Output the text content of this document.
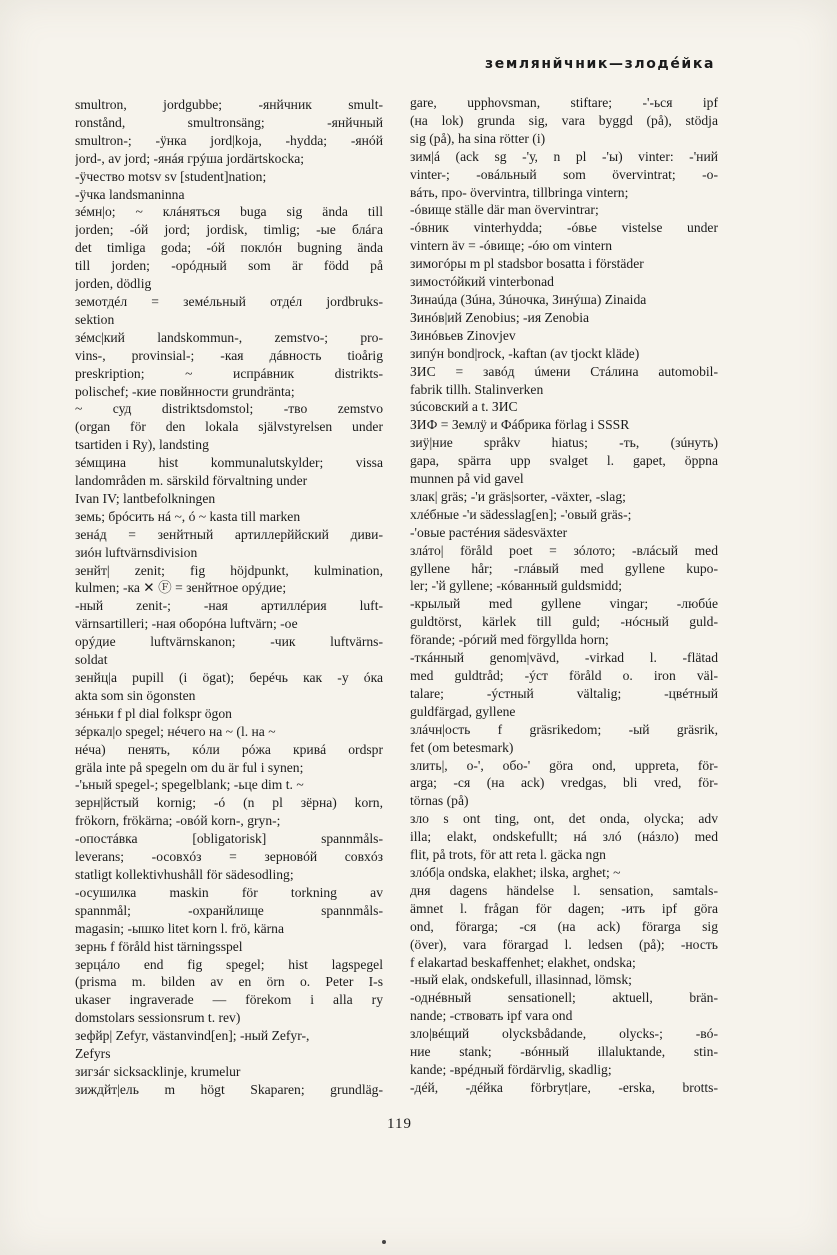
землянйчник—злодéйка
smultron, jordgubbe; -янйчник smult-
ronstånd, smultronsäng; -янйчный
smultron-; -ÿнка jord|koja, -hydda; -янóй
jord-, av jord; -янáя грýша jordärtskocka;
-ÿчество motsv sv [student]nation;
-ÿчка landsmaninna
зéмн|о; ~ клáняться buga sig ända till
jorden; -óй jord; jordisk, timlig; -ые блáга
det timliga goda; -óй поклóн bugning ända
till jorden; -орóдный som är född på
jorden, dödlig
земотдéл = земéльный отдéл jordbruks-
sektion
зéмс|кий landskommun-, zemstvo-; pro-
vins-, provinsial-; -кая дáвность tioårig
preskription; ~ испрáвник distrikts-
polischef; -кие повйнности grundränta;
~ суд distriktsdomstol; -тво zemstvo
(organ för den lokala självstyrelsen under
tsartiden i Ry), landsting
зéмщина hist kommunalutskylder; vissa
landområden m. särskild förvaltning under
Ivan IV; lantbefolkningen
земь; брóсить нá ~, ó ~ kasta till marken
зенáд = зенйтный артиллерййский диви-
зиóн luftvärnsdivision
зенйт| zenit; fig höjdpunkt, kulmination,
kulmen; -ка ✕ Ⓕ = зенйтное орýдие;
-ный zenit-; -ная артиллéрия luft-
värnsartilleri; -ная оборóна luftvärn; -ое
орýдие luftvärnskanon; -чик luftvärns-
soldat
зенйц|а pupill (i ögat); берéчь как -у óка
akta som sin ögonsten
зéньки f pl dial folkspr ögon
зéркал|о spegel; нéчего на ~ (l. на ~
нéча) пенять, кóли рóжа кривá ordspr
gräla inte på spegeln om du är ful i synen;
-'ьный spegel-; spegelblank; -ьце dim t. ~
зерн|йстый kornig; -ó (n pl зёрна) korn,
frökorn, frökärna; -овóй korn-, gryn-;
-опостáвка [obligatorisk] spannmåls-
leverans; -осовхóз = зерновóй совхóз
statligt kollektivhushåll för sädesodling;
-осушилка maskin för torkning av
spannmål; -охранйлище spannmåls-
magasin; -ышко litet korn l. frö, kärna
зернь f föråld hist tärningsspel
зерцáло end fig spegel; hist lagspegel
(prisma m. bilden av en örn o. Peter I-s
ukaser ingraverade — förekom i alla ry
domstolars sessionsrum t. rev)
зефйр| Zefyr, västanvind[en]; -ный Zefyr-,
Zefyrs
зигзáг sicksacklinje, krumelur
зиждйт|ель m högt Skaparen; grundläg-
gare, upphovsman, stiftare; -'-ься ipf
(на lok) grunda sig, vara byggd (på), stödja
sig (på), ha sina rötter (i)
зим|á (ack sg -'у, n pl -'ы) vinter: -'ний
vinter-; -овáльный som övervintrat; -о-
вáть, про- övervintra, tillbringa vintern;
-óвище ställe där man övervintrar;
-óвник vinterhydda; -óвье vistelse under
vintern äv = -óвище; -óю om vintern
зимогóры m pl stadsbor bosatta i förstäder
зимостóйкий vinterbonad
Зинаúда (Зúна, Зúночка, Зинýша) Zinaida
Зинóв|ий Zenobius; -ия Zenobia
Зинóвьев Zinovjev
зипýн bond|rock, -kaftan (av tjockt kläde)
ЗИС = завóд úмени Стáлина automobil-
fabrik tillh. Stalinverken
зúсовский a t. ЗИС
ЗИФ = Землÿ и Фáбрика förlag i SSSR
зиÿ|ние språkv hiatus; -ть, (зúнуть)
gapa, spärra upp svalget l. gapet, öppna
munnen på vid gavel
злак| gräs; -'и gräs|sorter, -växter, -slag;
хлéбные -'и sädesslag[en]; -'овый gräs-;
-'овые растéния sädesväxter
злáто| föråld poet = зóлото; -влáсый med
gyllene hår; -глáвый med gyllene kupo-
ler; -'й gyllene; -кóванный guldsmidd;
-крылый med gyllene vingar; -любúе
guldtörst, kärlek till guld; -нóсный guld-
förande; -рóгий med förgyllda horn;
-ткáнный genom|vävd, -virkad l. -flätad
med guldtråd; -ýст föråld o. iron väl-
talare; -ýстный vältalig; -цвéтный
guldfärgad, gyllene
злáчн|ость f gräsrikedom; -ый gräsrik,
fet (om betesmark)
злить|, о-', обо-' göra ond, uppreta, för-
arga; -ся (на ack) vredgas, bli vred, för-
törnas (på)
зло s ont ting, ont, det onda, olycka; adv
illa; elakt, ondskefullt; нá злó (нáзло) med
flit, på trots, för att reta l. gäcka ngn
злóб|а ondska, elakhet; ilska, arghet; ~
дня dagens händelse l. sensation, samtals-
ämnet l. frågan för dagen; -ить ipf göra
ond, förarga; -ся (на ack) förarga sig
(över), vara förargad l. ledsen (på); -ность
f elakartad beskaffenhet; elakhet, ondska;
-ный elak, ondskefull, illasinnad, lömsk;
-однéвный sensationell; aktuell, brän-
nande; -ствовать ipf vara ond
зло|вéщий olycksbådande, olycks-; -вó-
ние stank; -вóнный illaluktande, stin-
kande; -врéдный fördärvlig, skadlig;
-дéй, -дéйка förbryt|are, -erska, brotts-
119
